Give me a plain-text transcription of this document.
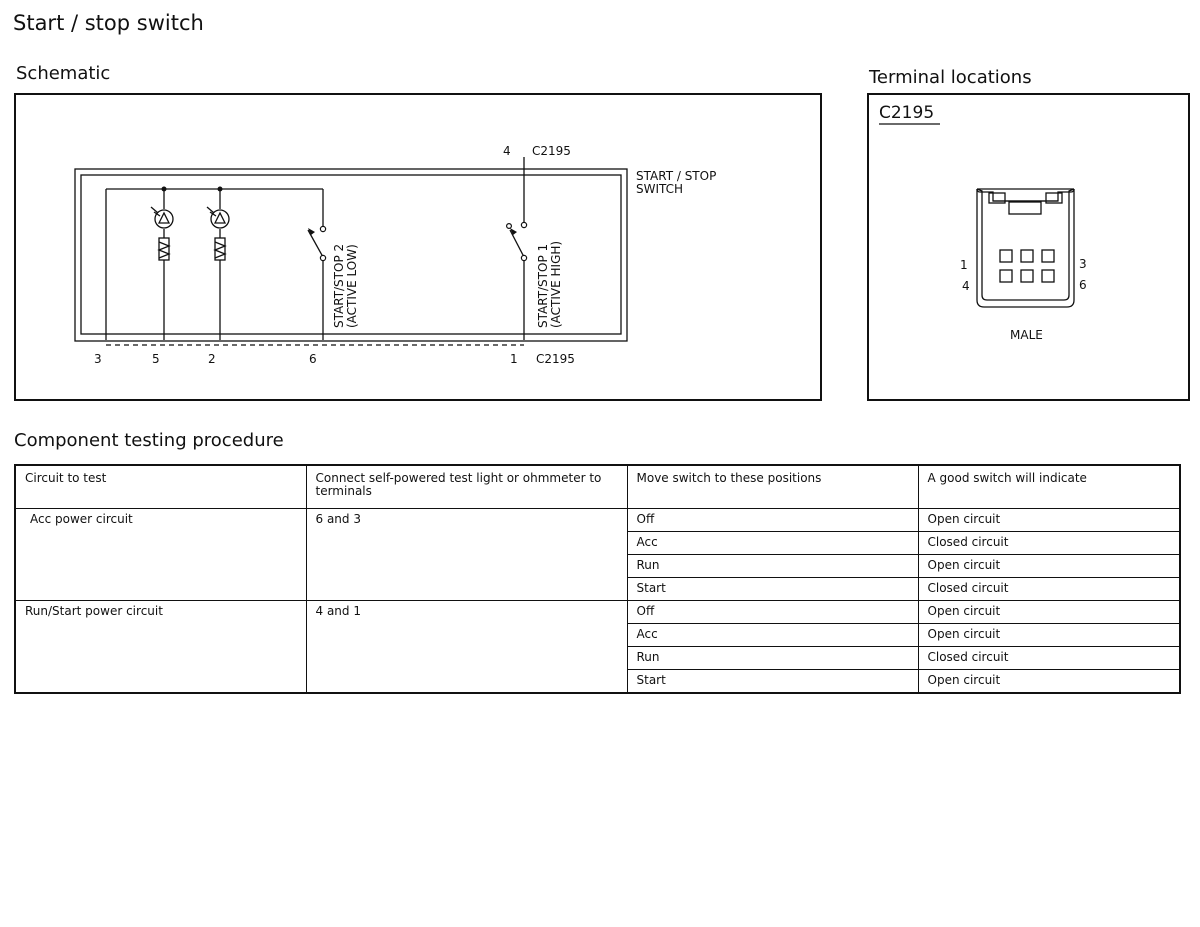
Start / stop switch
Schematic	Terminal locations
4 C2195
START / STOP
SWITCH
START/STOP 2 (ACTIVE LOW)	START/STOP 1 (ACTIVE HIGH)
3	5	2	6	1 C2195
C2195
1
4
3
6
MALE
Component testing procedure
Circuit to test	Connect self-powered test light or ohmmeter to terminals	Move switch to these positions	A good switch will indicate
Acc power circuit	6 and 3	Off	Open circuit
		Acc	Closed circuit
		Run	Open circuit
		Start	Closed circuit
Run/Start power circuit	4 and 1	Off	Open circuit
		Acc	Open circuit
		Run	Closed circuit
		Start	Open circuit
